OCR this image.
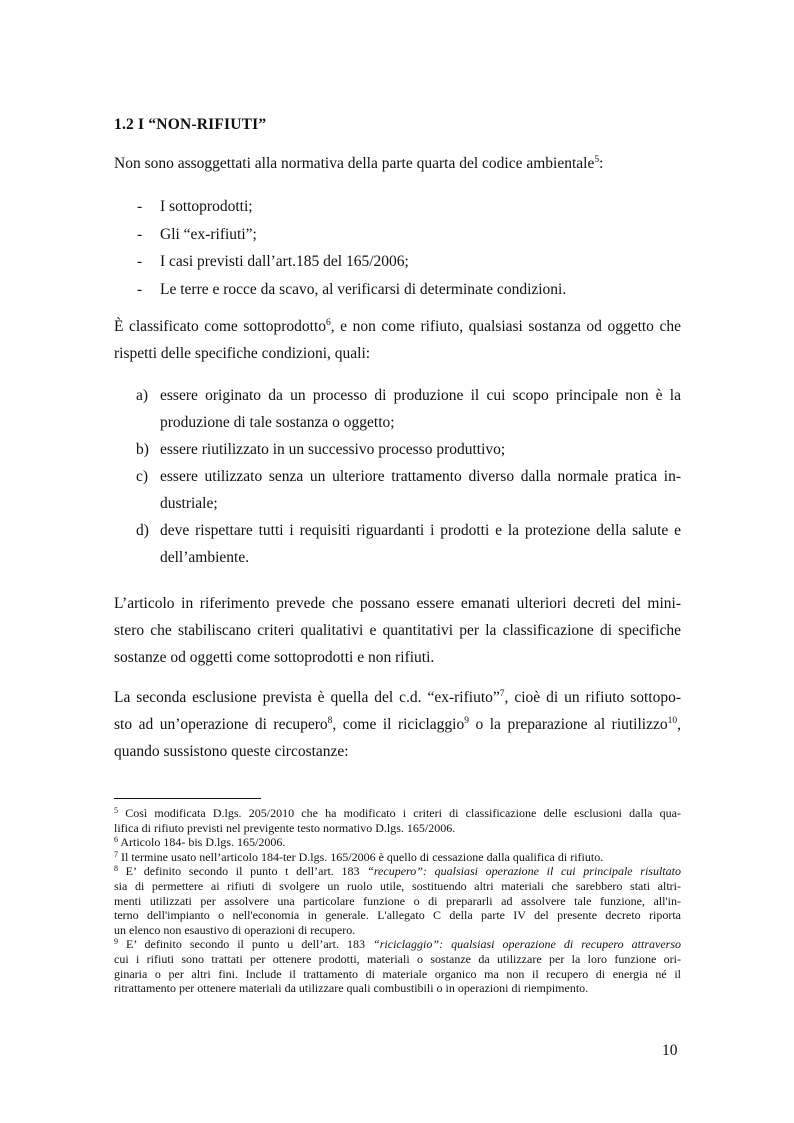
1.2 I “NON-RIFIUTI”
Non sono assoggettati alla normativa della parte quarta del codice ambientale$^5$:
-	I sottoprodotti;
-	Gli “ex-rifiuti”;
-	I casi previsti dall’art.185 del 165/2006;
-	Le terre e rocce da scavo, al verificarsi di determinate condizioni.
È classificato come sottoprodotto$^6$, e non come rifiuto, qualsiasi sostanza od oggetto che
rispetti delle specifiche condizioni, quali:
a) essere originato da un processo di produzione il cui scopo principale non è la
produzione di tale sostanza o oggetto;
b) essere riutilizzato in un successivo processo produttivo;
c) essere utilizzato senza un ulteriore trattamento diverso dalla normale pratica in-
dustriale;
d) deve rispettare tutti i requisiti riguardanti i prodotti e la protezione della salute e
dell’ambiente.
L’articolo in riferimento prevede che possano essere emanati ulteriori decreti del mini-
stero che stabiliscano criteri qualitativi e quantitativi per la classificazione di specifiche
sostanze od oggetti come sottoprodotti e non rifiuti.
La seconda esclusione prevista è quella del c.d. “ex-rifiuto”$^7$, cioè di un rifiuto sottopo-
sto ad un’operazione di recupero$^8$, come il riciclaggio$^9$ o la preparazione al riutilizzo$^{10}$,
quando sussistono queste circostanze:
$^5$ Così modificata D.lgs. 205/2010 che ha modificato i criteri di classificazione delle esclusioni dalla qua-
lifica di rifiuto previsti nel previgente testo normativo D.lgs. 165/2006.
$^6$ Articolo 184- bis D.lgs. 165/2006.
$^7$ Il termine usato nell’articolo 184-ter D.lgs. 165/2006 è quello di cessazione dalla qualifica di rifiuto.
$^8$ E’ definito secondo il punto t dell’art. 183 “recupero”: qualsiasi operazione il cui principale risultato
sia di permettere ai rifiuti di svolgere un ruolo utile, sostituendo altri materiali che sarebbero stati altri-
menti utilizzati per assolvere una particolare funzione o di prepararli ad assolvere tale funzione, all'in-
terno dell'impianto o nell'economia in generale. L'allegato C della parte IV del presente decreto riporta
un elenco non esaustivo di operazioni di recupero.
$^9$ E’ definito secondo il punto u dell’art. 183 “riciclaggio”: qualsiasi operazione di recupero attraverso
cui i rifiuti sono trattati per ottenere prodotti, materiali o sostanze da utilizzare per la loro funzione ori-
ginaria o per altri fini. Include il trattamento di materiale organico ma non il recupero di energia né il
ritrattamento per ottenere materiali da utilizzare quali combustibili o in operazioni di riempimento.
10
